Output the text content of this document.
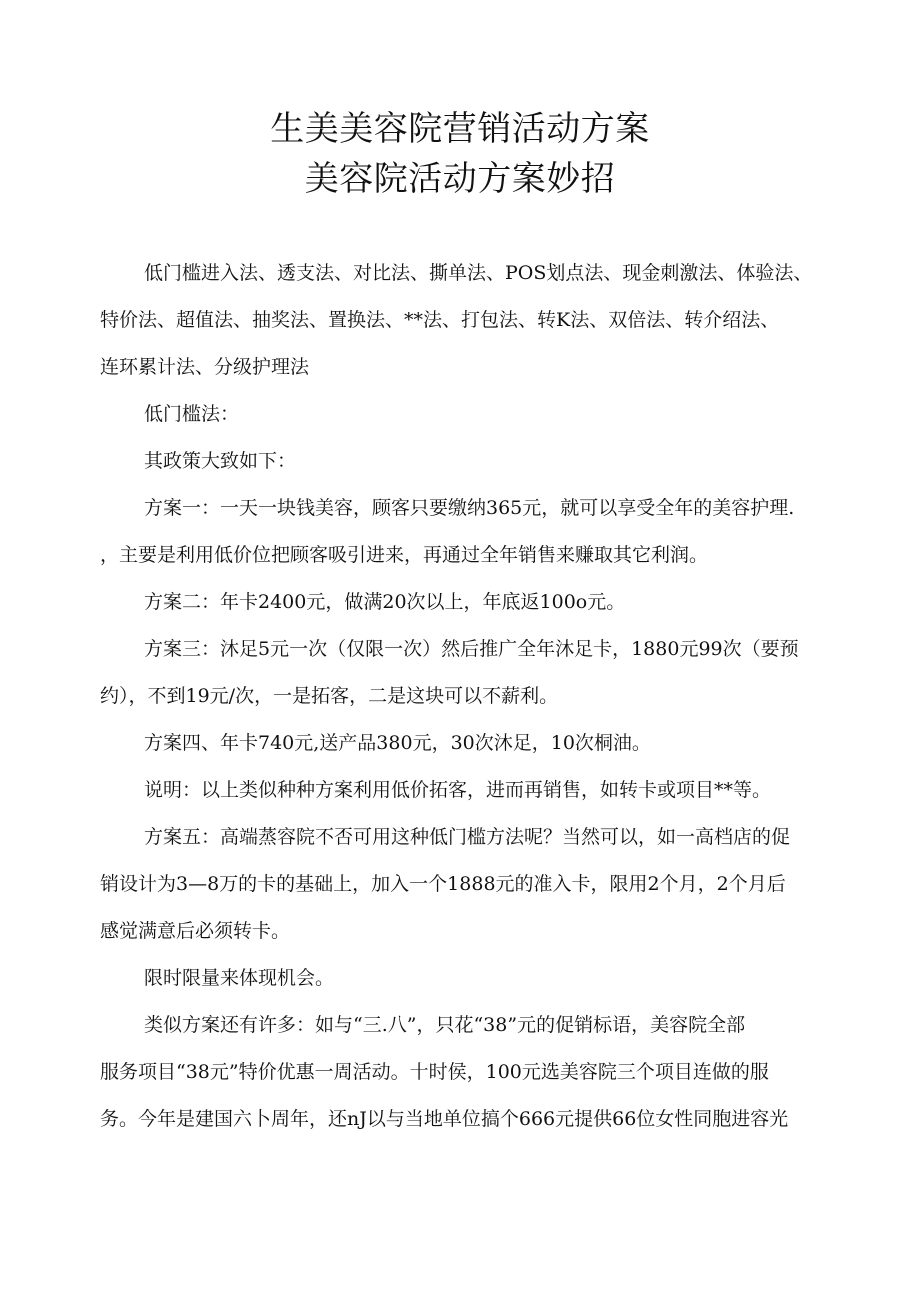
生美美容院营销活动方案
美容院活动方案妙招
低门槛进入法、透支法、对比法、撕单法、POS划点法、现金刺激法、体验法、
特价法、超值法、抽奖法、置换法、**法、打包法、转K法、双倍法、转介绍法、
连环累计法、分级护理法
低门槛法：
其政策大致如下：
方案一：一天一块钱美容，顾客只要缴纳365元，就可以享受全年的美容护理.
，主要是利用低价位把顾客吸引进来，再通过全年销售来赚取其它利润。
方案二：年卡2400元，做满20次以上，年底返100o元。
方案三：沐足5元一次（仅限一次）然后推广全年沐足卡，1880元99次（要预
约），不到19元/次，一是拓客，二是这块可以不薪利。
方案四、年卡740元,送产品380元，30次沐足，10次桐油。
说明：以上类似种种方案利用低价拓客，进而再销售，如转卡或项目**等。
方案五：高端蒸容院不否可用这种低门槛方法呢？当然可以，如一高档店的促
销设计为3—8万的卡的基础上，加入一个1888元的准入卡，限用2个月，2个月后
感觉满意后必须转卡。
限时限量来体现机会。
类似方案还有许多：如与“三.八”，只花“38”元的促销标语，美容院全部
服务项目“38元”特价优惠一周活动。十时侯，100元选美容院三个项目连做的服
务。今年是建国六卜周年，还nJ以与当地单位搞个666元提供66位女性同胞进容光
